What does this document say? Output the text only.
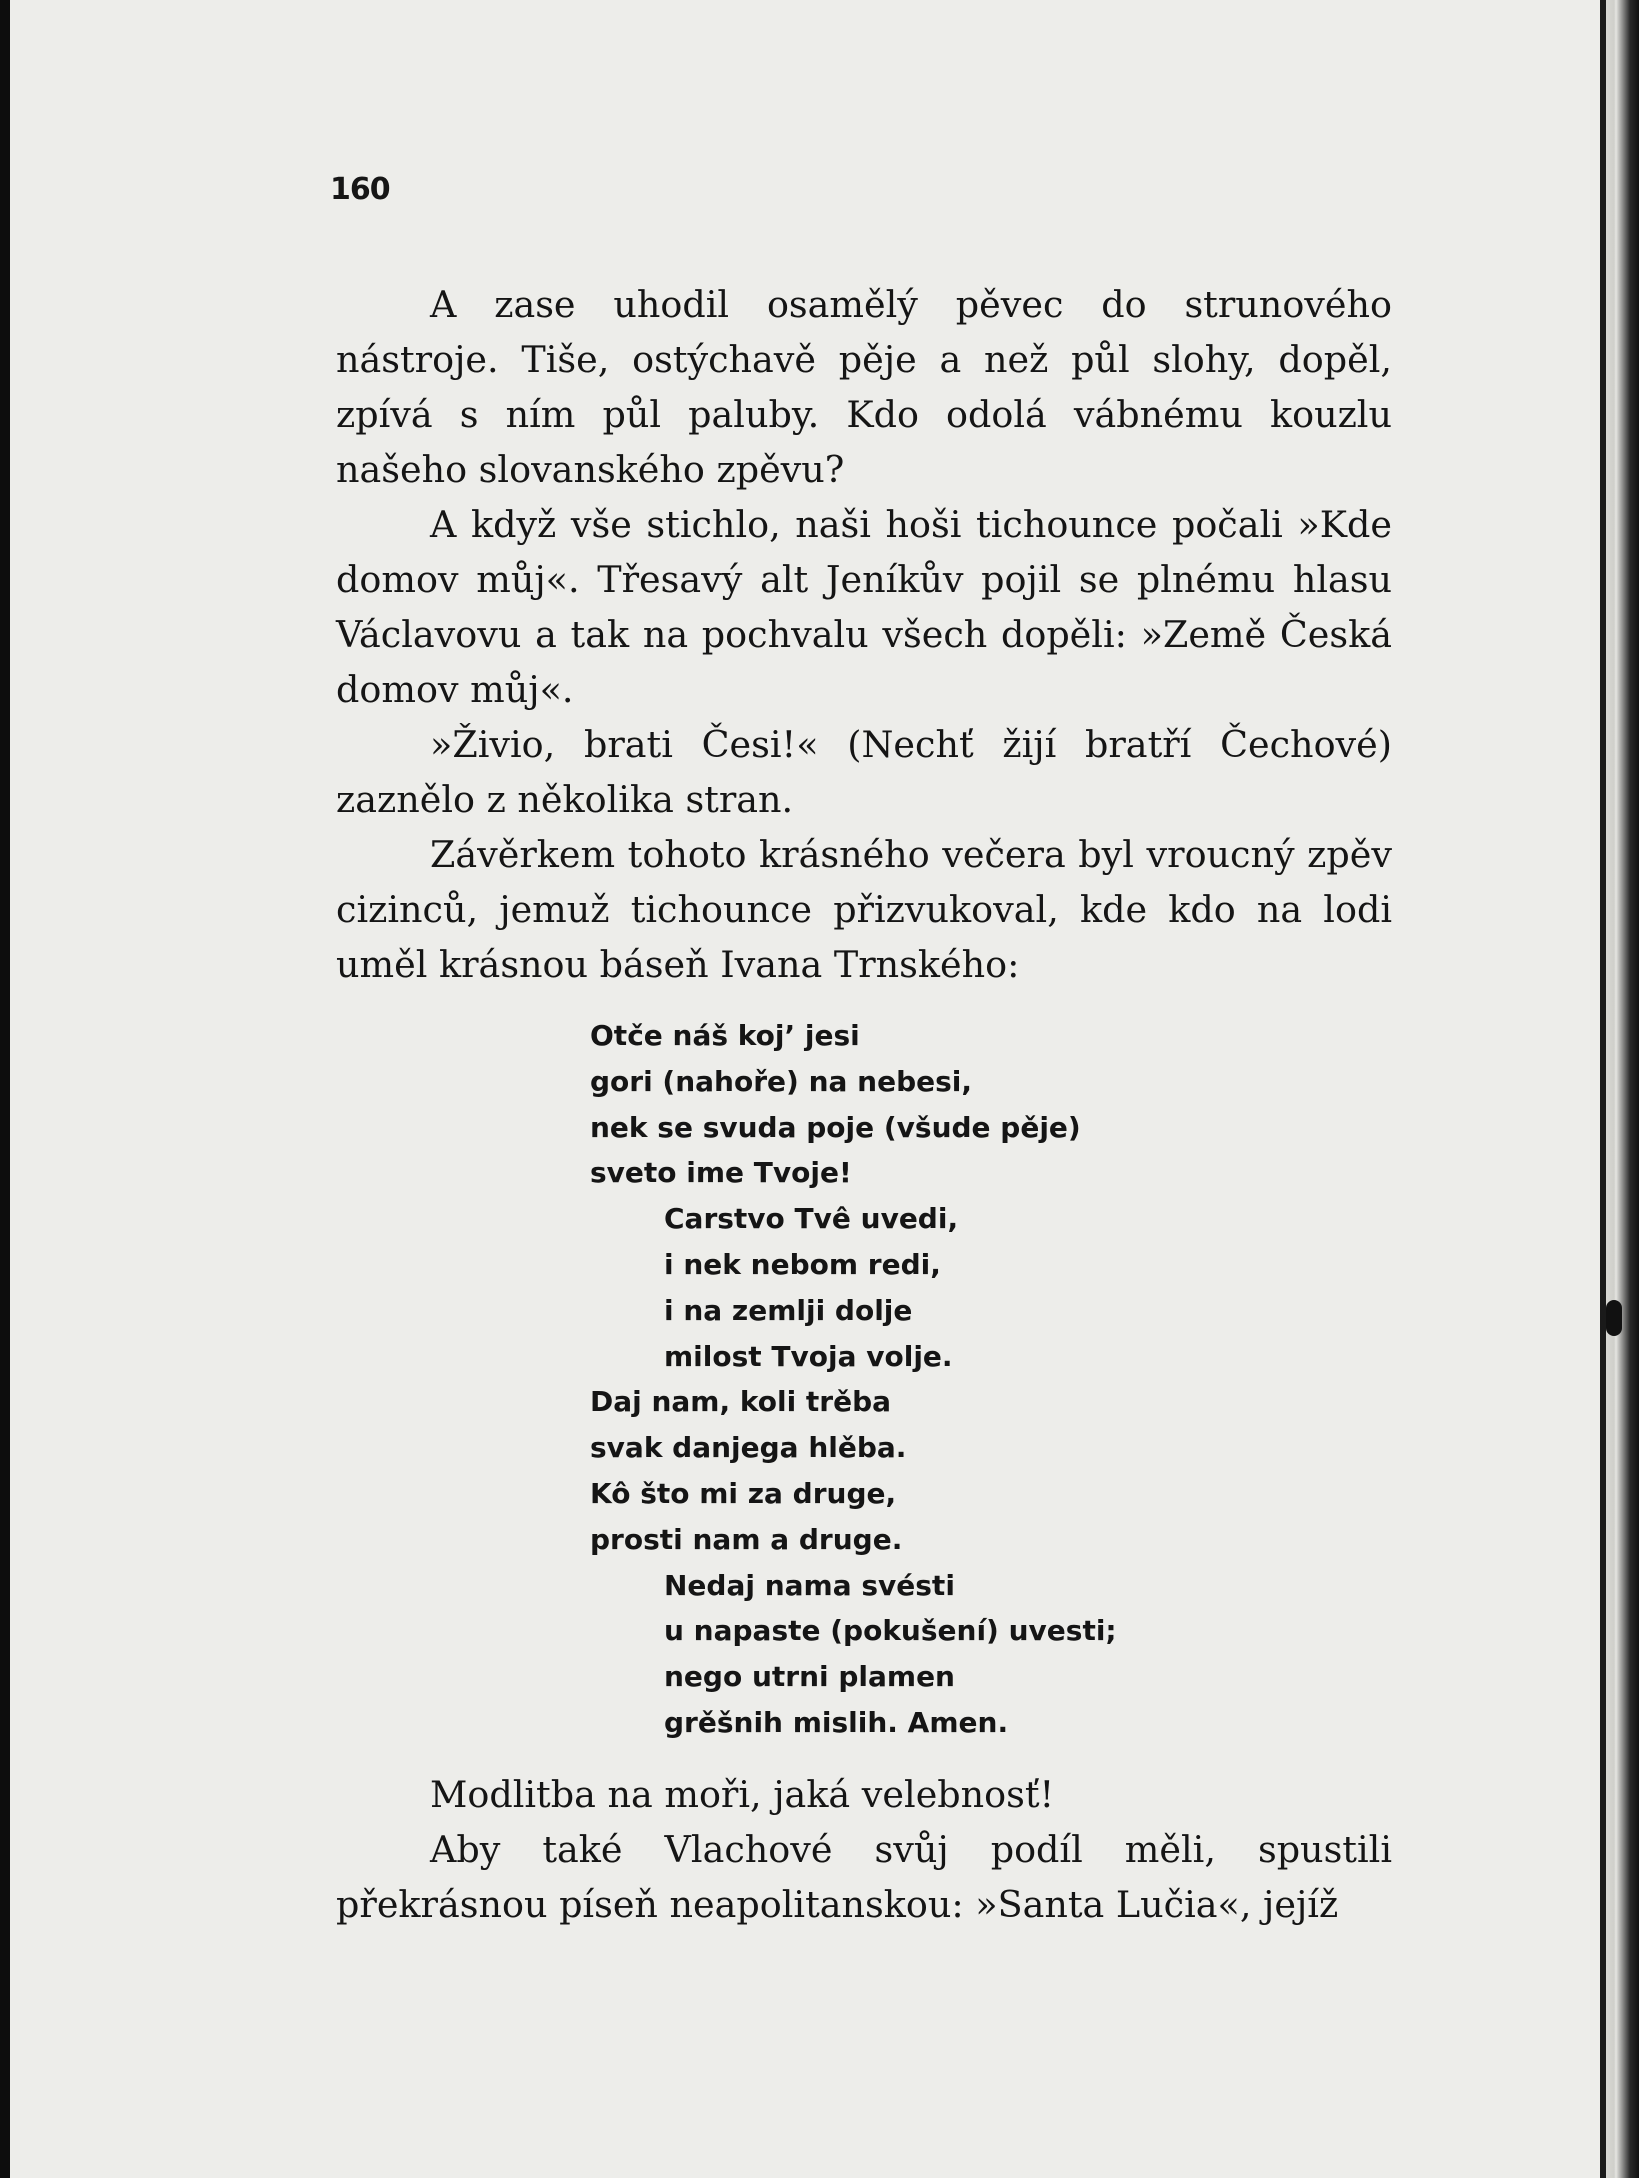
160

A zase uhodil osamělý pěvec do strunového nástroje. Tiše, ostýchavě pěje a než půl slohy, dopěl, zpívá s ním půl paluby. Kdo odolá vábnému kouzlu našeho slovanského zpěvu?

A když vše stichlo, naši hoši tichounce počali »Kde domov můj«. Třesavý alt Jeníkův pojil se plnému hlasu Václavovu a tak na pochvalu všech dopěli: »Země Česká domov můj«.

»Živio, brati Česi!« (Nechť žijí bratří Čechové) zaznělo z několika stran.

Závěrkem tohoto krásného večera byl vroucný zpěv cizinců, jemuž tichounce přizvukoval, kde kdo na lodi uměl krásnou báseň Ivana Trnského:

Otče náš koj’ jesi
gori (nahoře) na nebesi,
nek se svuda poje (všude pěje)
sveto ime Tvoje!
Carstvo Tvê uvedi,
i nek nebom redi,
i na zemlji dolje
milost Tvoja volje.
Daj nam, koli trěba
svak danjega hlěba.
Kô što mi za druge,
prosti nam a druge.
Nedaj nama svésti
u napaste (pokušení) uvesti;
nego utrni plamen
grěšnih mislih. Amen.

Modlitba na moři, jaká velebnosť!

Aby také Vlachové svůj podíl měli, spustili překrásnou píseň neapolitanskou: »Santa Lučia«, jejíž
